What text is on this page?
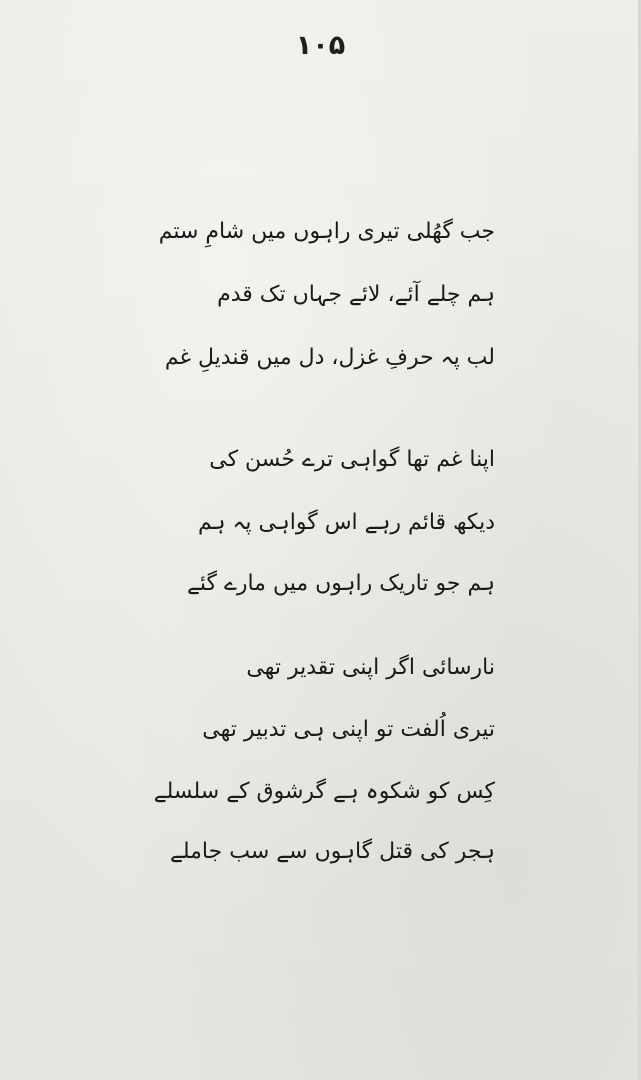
۱۰۵

جب گھُلی تیری راہوں میں شامِ ستم

ہم چلے آئے، لائے جہاں تک قدم

لب پہ حرفِ غزل، دل میں قندیلِ غم

اپنا غم تھا گواہی ترے حُسن کی

دیکھ قائم رہے اس گواہی پہ ہم

ہم جو تاریک راہوں میں مارے گئے

نارسائی اگر اپنی تقدیر تھی

تیری اُلفت تو اپنی ہی تدبیر تھی

کِس کو شکوہ ہے گرشوق کے سلسلے

ہجر کی قتل گاہوں سے سب جاملے
